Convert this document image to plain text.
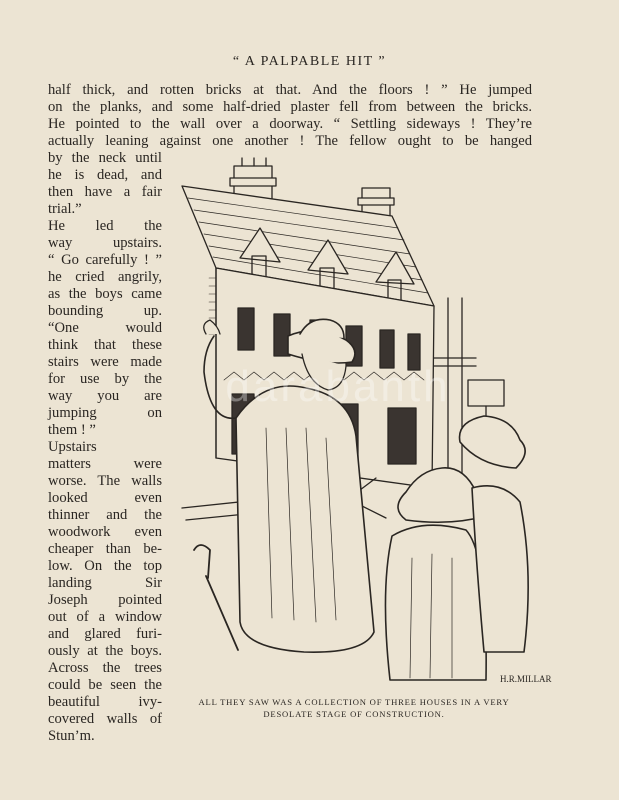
“ A PALPABLE HIT ”
half thick, and rotten bricks at that. And the floors ! ” He jumped
on the planks, and some half-dried plaster fell from between the bricks.
He pointed to the wall over a doorway. “ Settling sideways ! They’re
actually leaning against one another ! The fellow ought to be hanged
by the neck until
he is dead, and
then have a fair
trial.”
He led the
way upstairs.
“ Go carefully ! ”
he cried angrily,
as the boys came
bounding up.
“One would
think that these
stairs were made
for use by the
way you are
jumping on
them ! ”
Upstairs
matters were
worse. The walls
looked even
thinner and the
woodwork even
cheaper than be-
low. On the top
landing Sir
Joseph pointed
out of a window
and glared furi-
ously at the boys.
Across the trees
could be seen the
beautiful ivy-
covered walls of
Stun’m.
H.R.MILLAR
darabanth
ALL THEY SAW WAS A COLLECTION OF THREE HOUSES IN A VERY
DESOLATE STAGE OF CONSTRUCTION.
